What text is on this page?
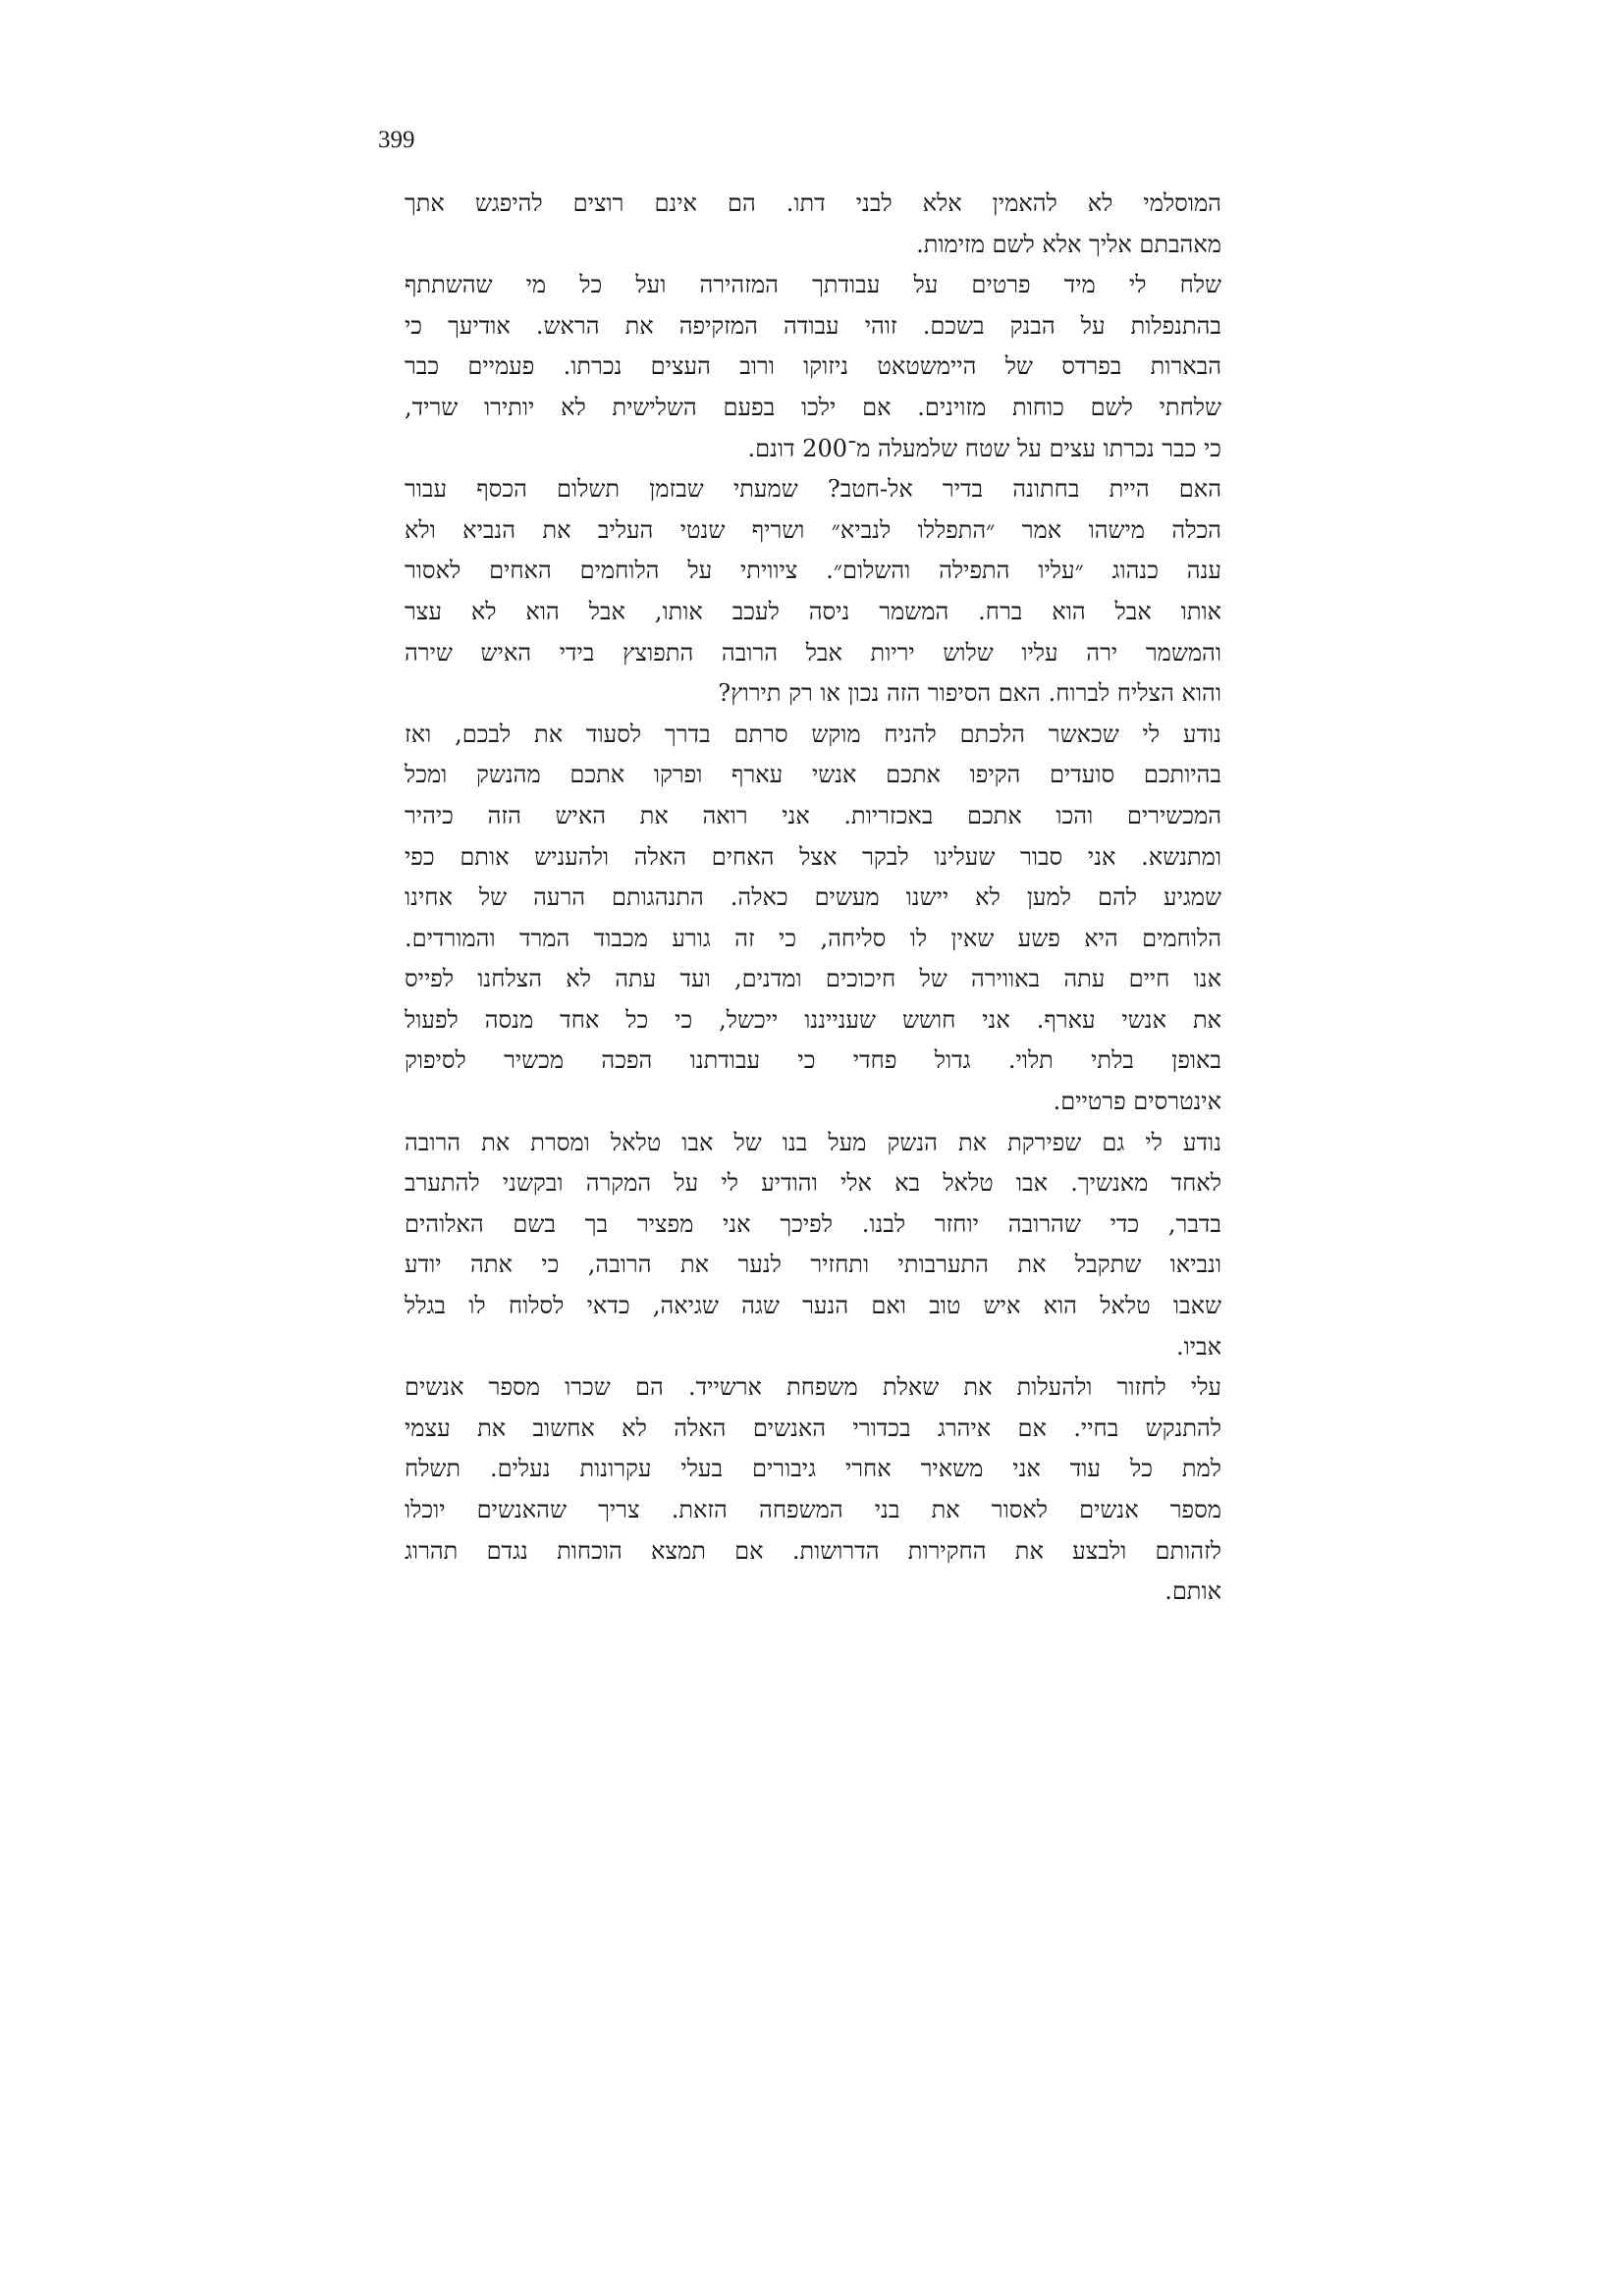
399
המוסלמי לא להאמין אלא לבני דתו. הם אינם רוצים להיפגש אתך
מאהבתם אליך אלא לשם מזימות.
שלח לי מיד פרטים על עבודתך המזהירה ועל כל מי שהשתתף
בהתנפלות על הבנק בשכם. זוהי עבודה המזקיפה את הראש. אודיעך כי
הבארות בפרדס של היימשטאט ניזוקו ורוב העצים נכרתו. פעמיים כבר
שלחתי לשם כוחות מזוינים. אם ילכו בפעם השלישית לא יותירו שריד,
כי כבר נכרתו עצים על שטח שלמעלה מ־200 דונם.
האם היית בחתונה בדיר אל-חטב? שמעתי שבזמן תשלום הכסף עבור
הכלה מישהו אמר ״התפללו לנביא״ ושריף שנטי העליב את הנביא ולא
ענה כנהוג ״עליו התפילה והשלום״. ציוויתי על הלוחמים האחים לאסור
אותו אבל הוא ברח. המשמר ניסה לעכב אותו, אבל הוא לא עצר
והמשמר ירה עליו שלוש יריות אבל הרובה התפוצץ בידי האיש שירה
והוא הצליח לברוח. האם הסיפור הזה נכון או רק תירוץ?
נודע לי שכאשר הלכתם להניח מוקש סרתם בדרך לסעוד את לבכם, ואז
בהיותכם סועדים הקיפו אתכם אנשי עארף ופרקו אתכם מהנשק ומכל
המכשירים והכו אתכם באכזריות. אני רואה את האיש הזה כיהיר
ומתנשא. אני סבור שעלינו לבקר אצל האחים האלה ולהעניש אותם כפי
שמגיע להם למען לא יישנו מעשים כאלה. התנהגותם הרעה של אחינו
הלוחמים היא פשע שאין לו סליחה, כי זה גורע מכבוד המרד והמורדים.
אנו חיים עתה באווירה של חיכוכים ומדנים, ועד עתה לא הצלחנו לפייס
את אנשי עארף. אני חושש שענייננו ייכשל, כי כל אחד מנסה לפעול
באופן בלתי תלוי. גדול פחדי כי עבודתנו הפכה מכשיר לסיפוק
אינטרסים פרטיים.
נודע לי גם שפירקת את הנשק מעל בנו של אבו טלאל ומסרת את הרובה
לאחד מאנשיך. אבו טלאל בא אלי והודיע לי על המקרה ובקשני להתערב
בדבר, כדי שהרובה יוחזר לבנו. לפיכך אני מפציר בך בשם האלוהים
ונביאו שתקבל את התערבותי ותחזיר לנער את הרובה, כי אתה יודע
שאבו טלאל הוא איש טוב ואם הנער שגה שגיאה, כדאי לסלוח לו בגלל
אביו.
עלי לחזור ולהעלות את שאלת משפחת ארשייד. הם שכרו מספר אנשים
להתנקש בחיי. אם איהרג בכדורי האנשים האלה לא אחשוב את עצמי
למת כל עוד אני משאיר אחרי גיבורים בעלי עקרונות נעלים. תשלח
מספר אנשים לאסור את בני המשפחה הזאת. צריך שהאנשים יוכלו
לזהותם ולבצע את החקירות הדרושות. אם תמצא הוכחות נגדם תהרוג
אותם.
